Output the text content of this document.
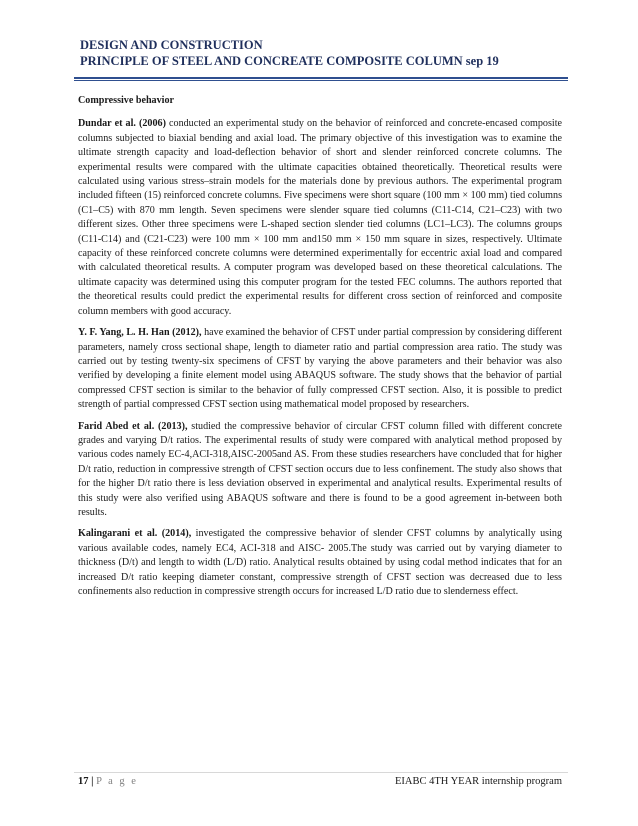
DESIGN AND CONSTRUCTION
PRINCIPLE OF STEEL AND CONCREATE COMPOSITE COLUMN sep 19
Compressive behavior

Dundar et al. (2006) conducted an experimental study on the behavior of reinforced and concrete-encased composite columns subjected to biaxial bending and axial load. The primary objective of this investigation was to examine the ultimate strength capacity and load-deflection behavior of short and slender reinforced concrete columns. The experimental results were compared with the ultimate capacities obtained theoretically. Theoretical results were calculated using various stress–strain models for the materials done by previous authors. The experimental program included fifteen (15) reinforced concrete columns. Five specimens were short square (100 mm × 100 mm) tied columns (C1–C5) with 870 mm length. Seven specimens were slender square tied columns (C11-C14, C21–C23) with two different sizes. Other three specimens were L-shaped section slender tied columns (LC1–LC3). The columns groups (C11-C14) and (C21-C23) were 100 mm × 100 mm and150 mm × 150 mm square in sizes, respectively. Ultimate capacity of these reinforced concrete columns were determined experimentally for eccentric axial load and compared with calculated theoretical results. A computer program was developed based on these theoretical calculations. The ultimate capacity was determined using this computer program for the tested FEC columns. The authors reported that the theoretical results could predict the experimental results for different cross section of reinforced and composite column members with good accuracy.

Y. F. Yang, L. H. Han (2012), have examined the behavior of CFST under partial compression by considering different parameters, namely cross sectional shape, length to diameter ratio and partial compression area ratio. The study was carried out by testing twenty-six specimens of CFST by varying the above parameters and their behavior was also verified by developing a finite element model using ABAQUS software. The study shows that the behavior of partial compressed CFST section is similar to the behavior of fully compressed CFST section. Also, it is possible to predict strength of partial compressed CFST section using mathematical model proposed by researchers.

Farid Abed et al. (2013), studied the compressive behavior of circular CFST column filled with different concrete grades and varying D/t ratios. The experimental results of study were compared with analytical method proposed by various codes namely EC-4,ACI-318,AISC-2005and AS. From these studies researchers have concluded that for higher D/t ratio, reduction in compressive strength of CFST section occurs due to less confinement. The study also shows that for the higher D/t ratio there is less deviation observed in experimental and analytical results. Experimental results of this study were also verified using ABAQUS software and there is found to be a good agreement in-between both results.

Kalingarani et al. (2014), investigated the compressive behavior of slender CFST columns by analytically using various available codes, namely EC4, ACI-318 and AISC- 2005.The study was carried out by varying diameter to thickness (D/t) and length to width (L/D) ratio. Analytical results obtained by using codal method indicates that for an increased D/t ratio keeping diameter constant, compressive strength of CFST section was decreased due to less confinements also reduction in compressive strength occurs for increased L/D ratio due to slenderness effect.

17 | P a g e	EIABC 4TH YEAR internship program
